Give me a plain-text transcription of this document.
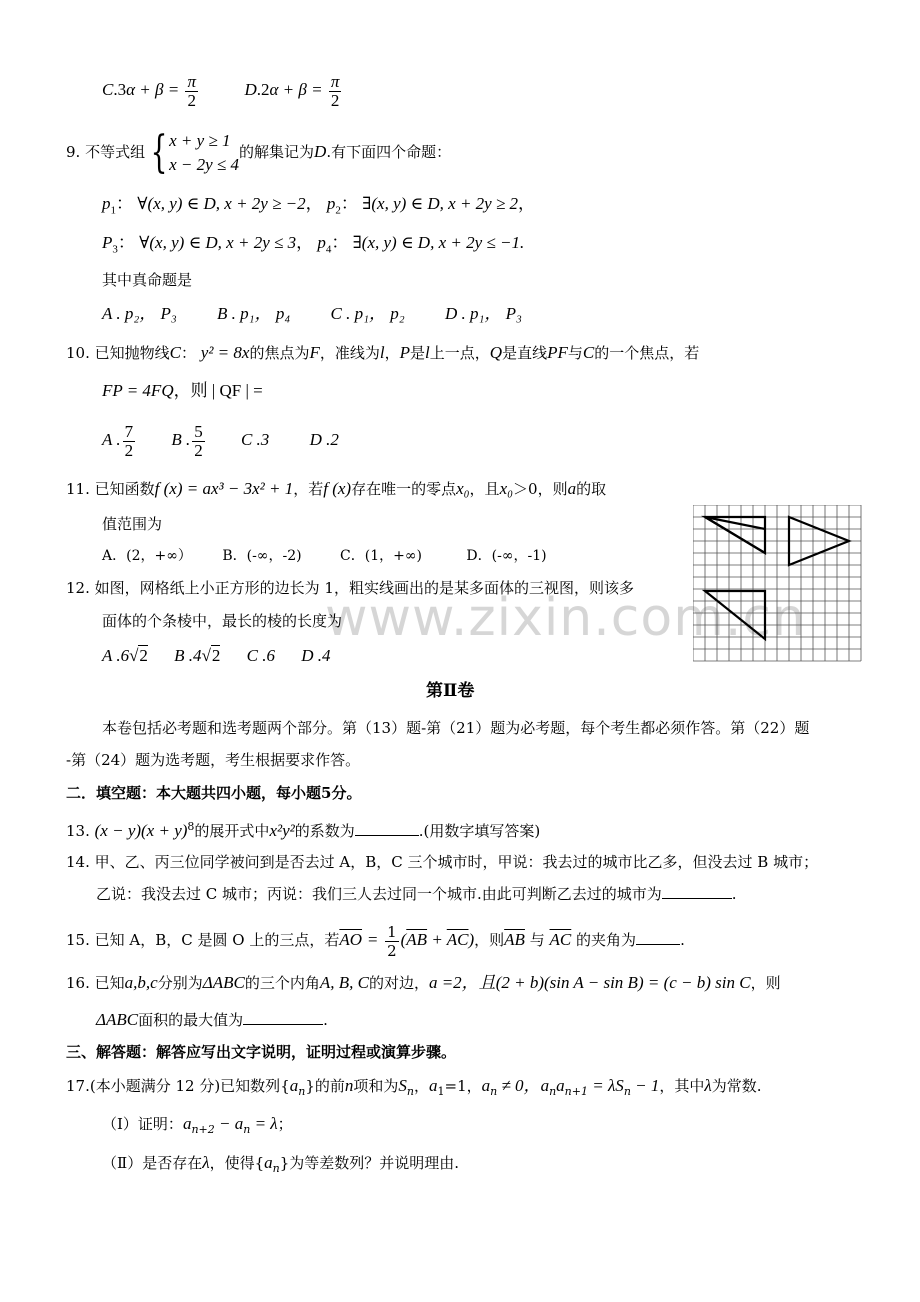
www.zixin.com.cn
$C.3\alpha + \beta = \frac{\pi}{2}$	$D.2\alpha + \beta = \frac{\pi}{2}$
9. 不等式组 { x + y ≥ 1
x − 2y ≤ 4
的解集记为D.有下面四个命题：
$p_1$： ∀(x, y) ∈ D, x + 2y ≥ −2， $p_2$： ∃(x, y) ∈ D, x + 2y ≥ 2，
$P_3$： ∀(x, y) ∈ D, x + 2y ≤ 3， $p_4$： ∃(x, y) ∈ D, x + 2y ≤ −1.
其中真命题是
A . p₂， P₃ B . p₁， p₄ C . p₁， p₂ D . p₁， P₃
10. 已知抛物线C： y² = 8x的焦点为F，准线为l，P是l上一点，Q是直线PF与C的一个焦点，若
FP = 4FQ，则 | QF | =
A . $\frac{7}{2}$ B . $\frac{5}{2}$ C .3 D .2
11. 已知函数f (x) = ax³ − 3x² + 1，若f (x)存在唯一的零点x₀，且x₀＞0，则a的取
值范围为
A．(2，+∞） B．(-∞，-2)	C．(1，+∞)	D．(-∞，-1)
12. 如图，网格纸上小正方形的边长为 1，粗实线画出的是某多面体的三视图，则该多
面体的个条棱中，最长的棱的长度为
A .6√2 B .4√2 C .6 D .4
第Ⅱ卷
本卷包括必考题和选考题两个部分。第（13）题-第（21）题为必考题，每个考生都必须作答。第（22）题
-第（24）题为选考题，考生根据要求作答。
二．填空题：本大题共四小题，每小题5分。
13. $(x - y)(x + y)^8$的展开式中x²y²的系数为	.(用数字填写答案)
14. 甲、乙、丙三位同学被问到是否去过 A，B，C 三个城市时，甲说：我去过的城市比乙多，但没去过 B 城市；
乙说：我没去过 C 城市；丙说：我们三人去过同一个城市.由此可判断乙去过的城市为	.
15. 已知 A，B，C 是圆 O 上的三点，若$\overline{AO} = \frac{1}{2} (\overline{AB} + \overline{AC})$，则$\overline{AB}$ 与 $\overline{AC}$ 的夹角为	.
16. 已知a,b,c分别为ΔABC的三个内角A, B, C的对边，a =2，且(2 + b)(sin A − sin B) = (c − b) sin C，则
ΔABC面积的最大值为	.
三、解答题：解答应写出文字说明，证明过程或演算步骤。
17.(本小题满分 12 分)已知数列$\{a_n\}$的前n项和为$S_n$，$a_1=1$，$a_n \ne 0$，$a_na_{n+1} = \lambda S_n - 1$，其中λ为常数.
（Ⅰ）证明：$a_{n+2} - a_n = \lambda$；
（Ⅱ）是否存在λ，使得$\{a_n\}$为等差数列？并说明理由.
